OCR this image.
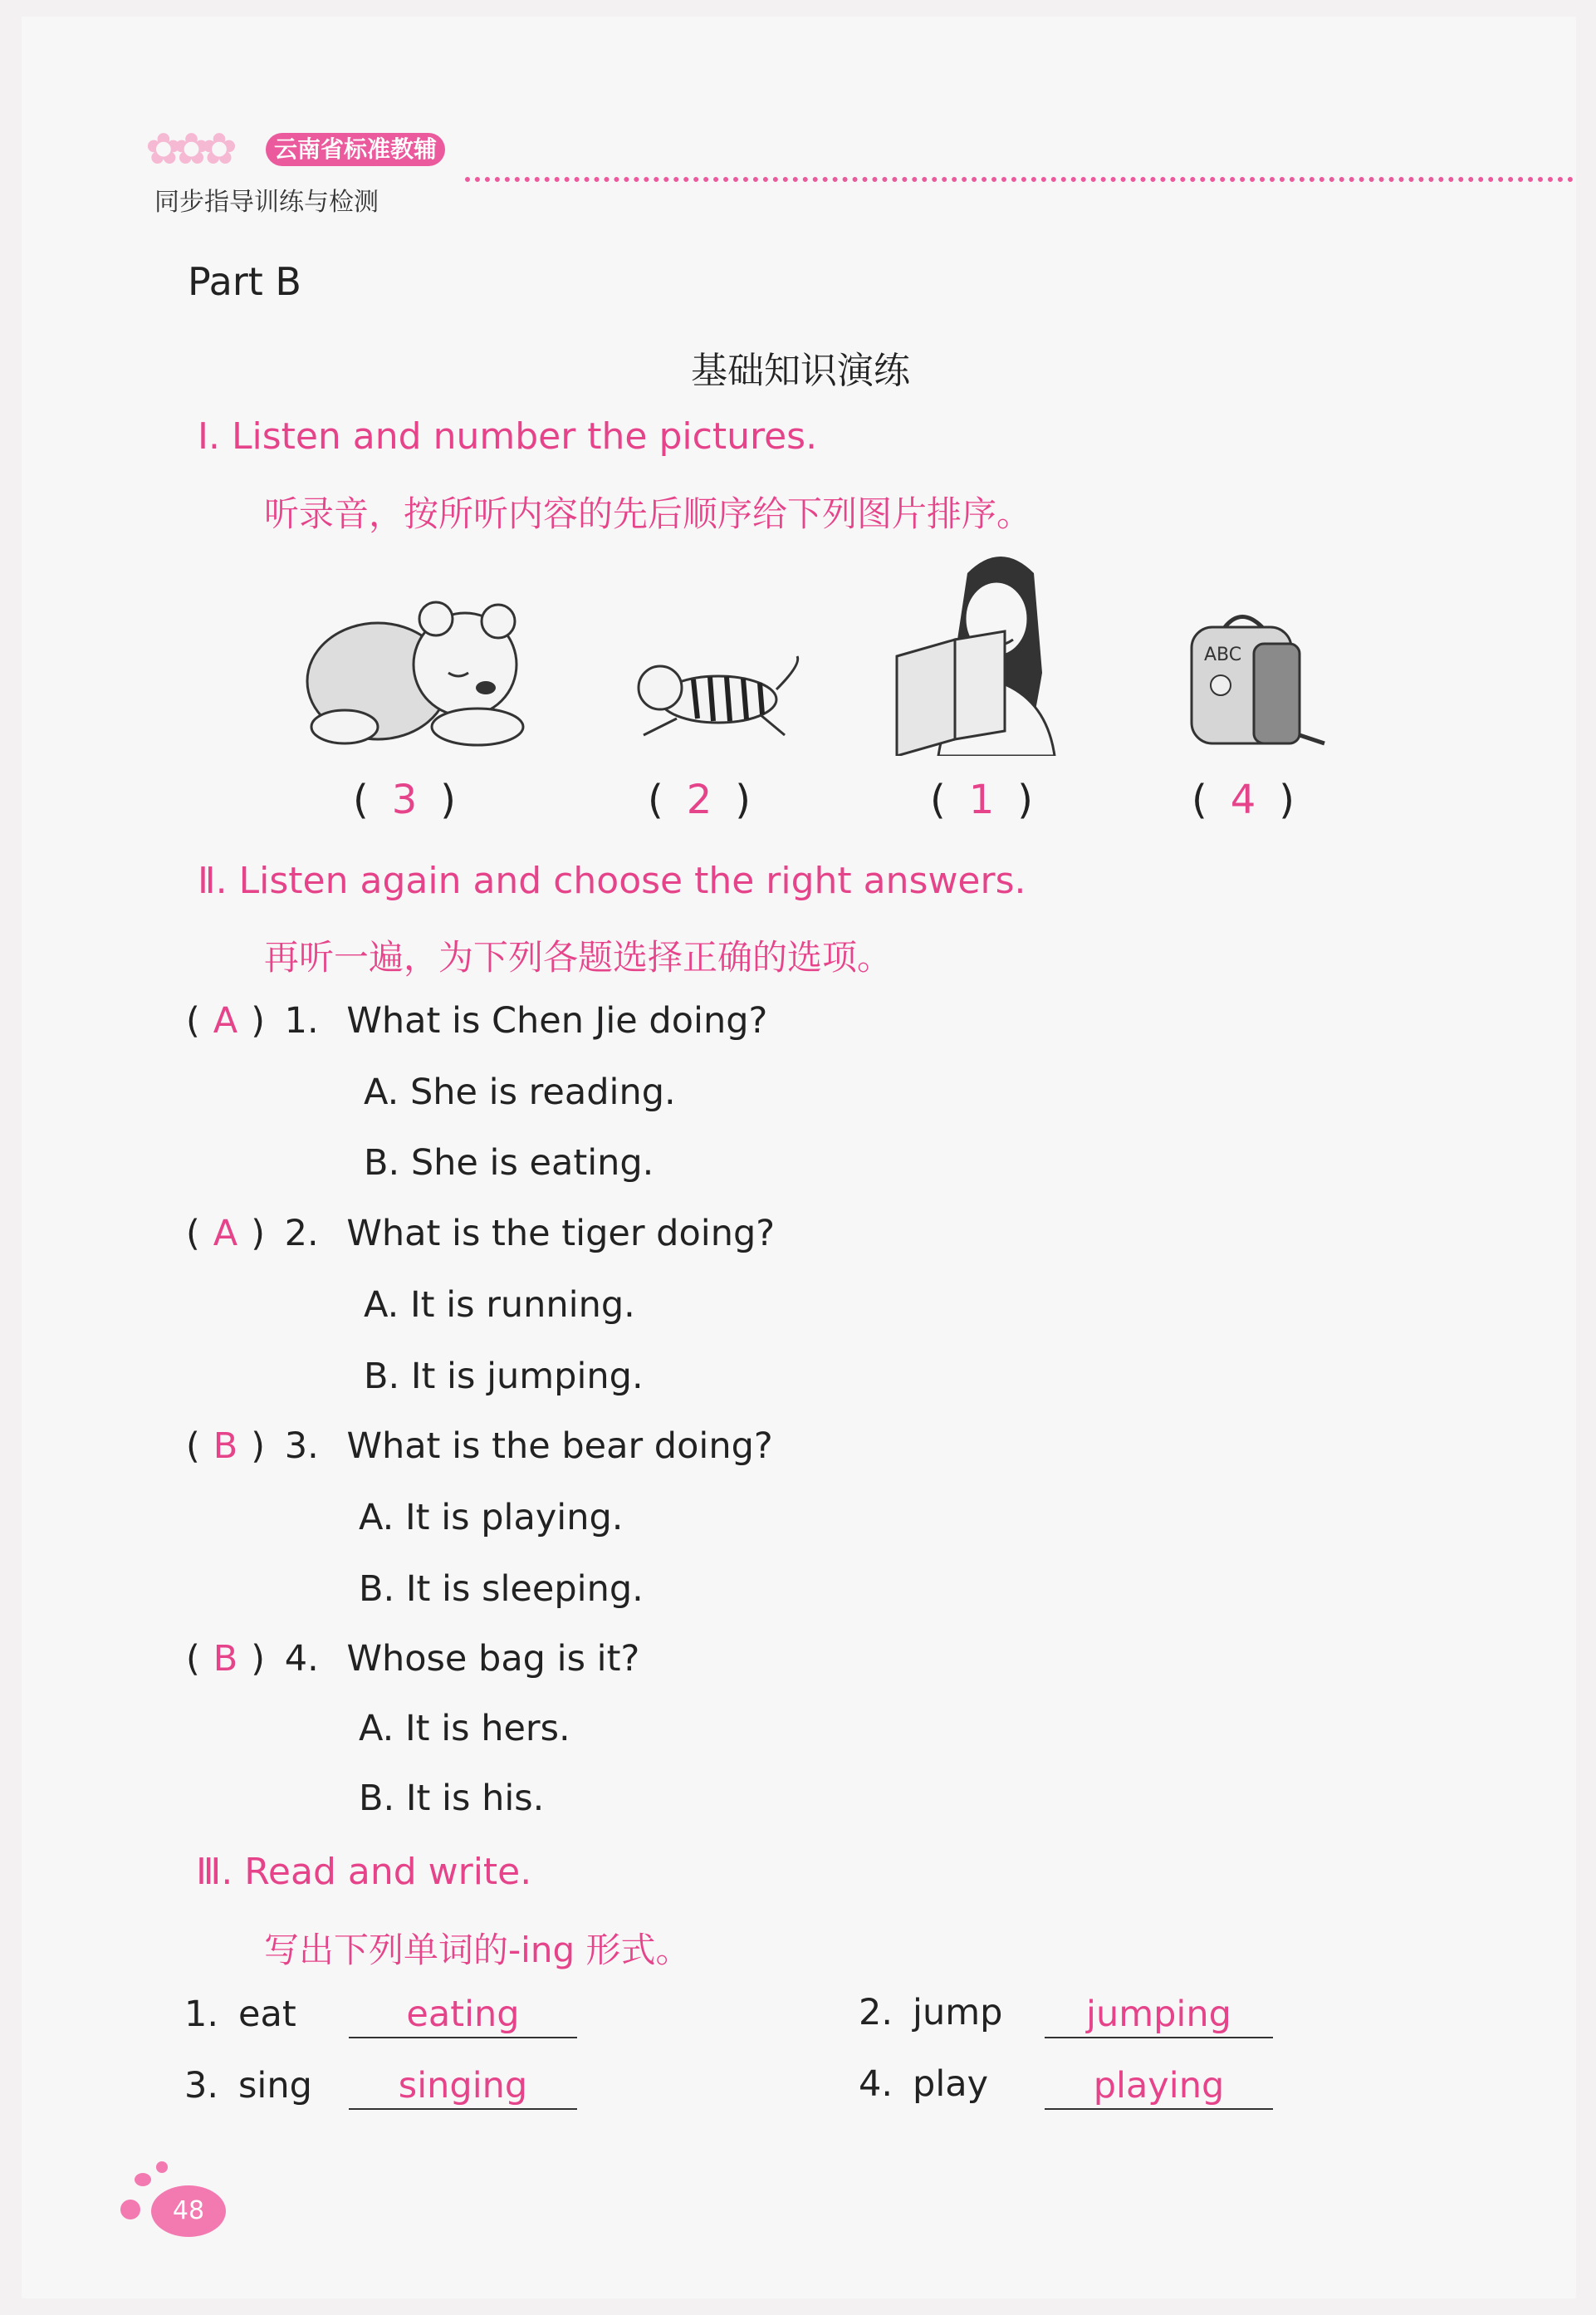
✿✿✿	云南省标准教辅
同步指导训练与检测
Part B
基础知识演练
Ⅰ. Listen and number the pictures.
听录音，按所听内容的先后顺序给下列图片排序。
ABC
( 3 )	( 2 )	( 1 )	( 4 )
Ⅱ. Listen again and choose the right answers.
再听一遍，为下列各题选择正确的选项。
( A ) 1. What is Chen Jie doing?
A. She is reading.
B. She is eating.
( A ) 2. What is the tiger doing?
A. It is running.
B. It is jumping.
( B ) 3. What is the bear doing?
A. It is playing.
B. It is sleeping.
( B ) 4. Whose bag is it?
A. It is hers.
B. It is his.
Ⅲ. Read and write.
写出下列单词的-ing 形式。
1. eat	eating	2. jump	jumping
3. sing	singing	4. play	playing
48
